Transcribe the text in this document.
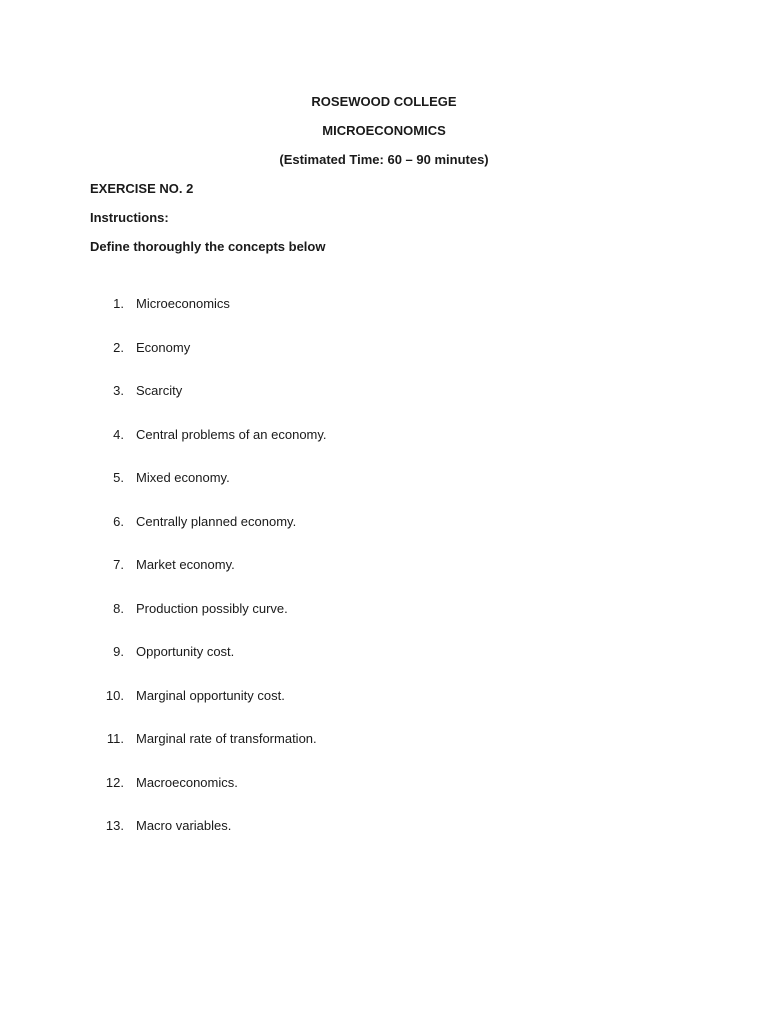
ROSEWOOD COLLEGE
MICROECONOMICS
(Estimated Time: 60 – 90 minutes)
EXERCISE NO. 2
Instructions:
Define thoroughly the concepts below
1. Microeconomics
2. Economy
3. Scarcity
4. Central problems of an economy.
5. Mixed economy.
6. Centrally planned economy.
7. Market economy.
8. Production possibly curve.
9. Opportunity cost.
10. Marginal opportunity cost.
11. Marginal rate of transformation.
12. Macroeconomics.
13. Macro variables.
